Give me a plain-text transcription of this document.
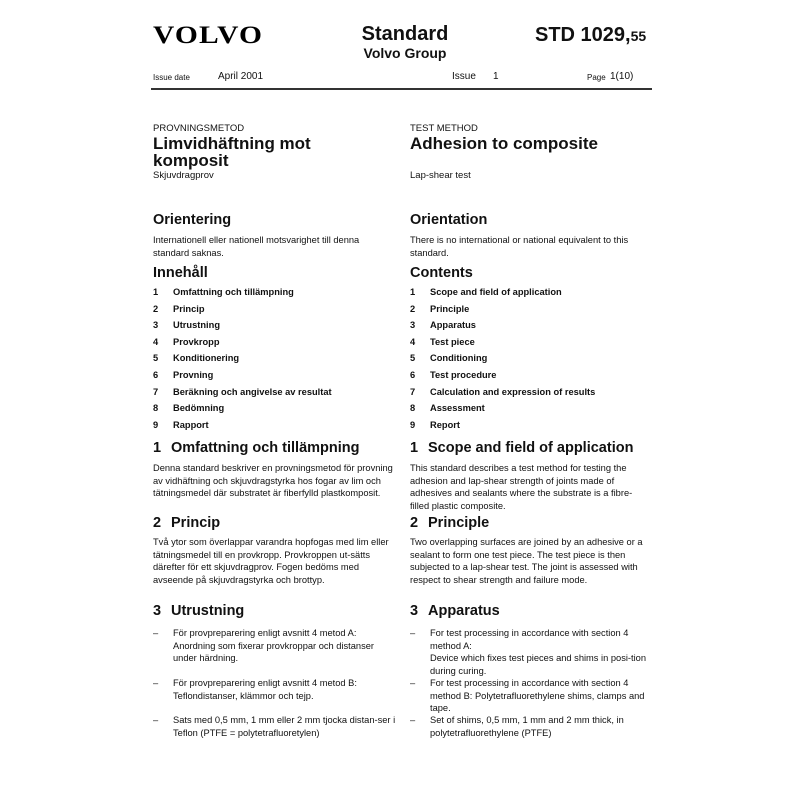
VOLVO	Standard
Volvo Group
STD 1029,55
Issue date	April 2001	Issue 1	Page 1(10)
PROVNINGSMETOD
Limvidhäftning mot
komposit
Skjuvdragprov
Orientering
Internationell eller nationell motsvarighet till denna standard saknas.
Innehåll
1 Omfattning och tillämpning
2 Princip
3 Utrustning
4 Provkropp
5 Konditionering
6 Provning
7 Beräkning och angivelse av resultat
8 Bedömning
9 Rapport
1 Omfattning och tillämpning
Denna standard beskriver en provningsmetod för provning av vidhäftning och skjuvdragstyrka hos fogar av lim och tätningsmedel där substratet är fiberfylld plastkomposit.
2 Princip
Två ytor som överlappar varandra hopfogas med lim eller tätningsmedel till en provkropp. Provkroppen ut-sätts därefter för ett skjuvdragprov. Fogen bedöms med avseende på skjuvdragstyrka och brottyp.
3 Utrustning
– För provpreparering enligt avsnitt 4 metod A: Anordning som fixerar provkroppar och distanser under härdning.
– För provpreparering enligt avsnitt 4 metod B: Teflondistanser, klämmor och tejp.
– Sats med 0,5 mm, 1 mm eller 2 mm tjocka distan-ser i Teflon (PTFE = polytetrafluoretylen)
TEST METHOD
Adhesion to composite
Lap-shear test
Orientation
There is no international or national equivalent to this standard.
Contents
1 Scope and field of application
2 Principle
3 Apparatus
4 Test piece
5 Conditioning
6 Test procedure
7 Calculation and expression of results
8 Assessment
9 Report
1 Scope and field of application
This standard describes a test method for testing the adhesion and lap-shear strength of joints made of adhesives and sealants where the substrate is a fibre-filled plastic composite.
2 Principle
Two overlapping surfaces are joined by an adhesive or a sealant to form one test piece. The test piece is then subjected to a lap-shear test. The joint is assessed with respect to shear strength and failure mode.
3 Apparatus
– For test processing in accordance with section 4 method A:
Device which fixes test pieces and shims in posi-tion during curing.
– For test processing in accordance with section 4 method B: Polytetrafluorethylene shims, clamps and tape.
– Set of shims, 0,5 mm, 1 mm and 2 mm thick, in polytetrafluorethylene (PTFE)
